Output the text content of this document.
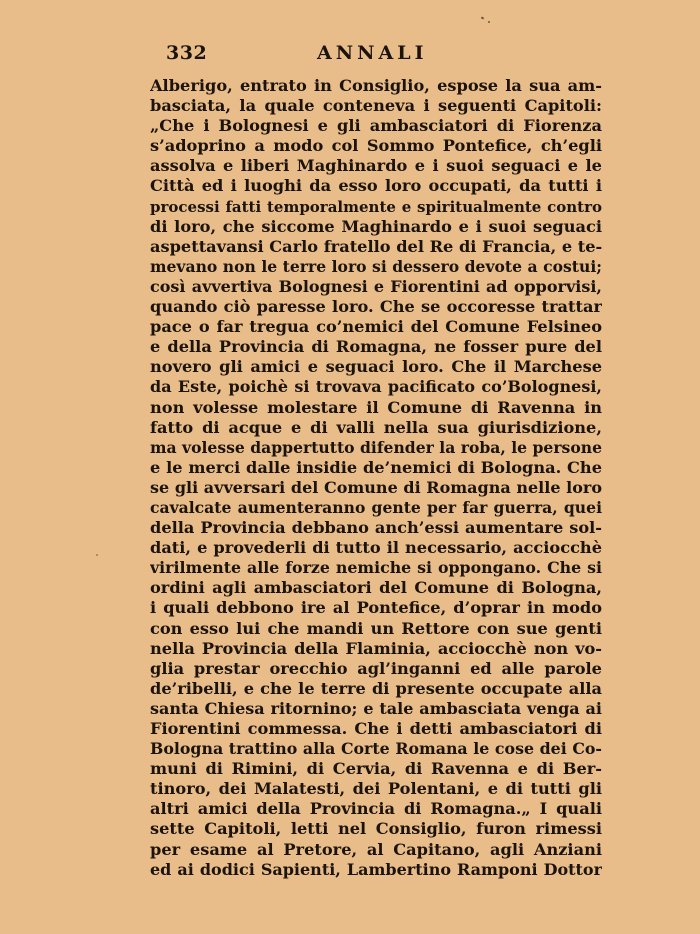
332	ANNALI
Alberigo, entrato in Consiglio, espose la sua am-
basciata, la quale conteneva i seguenti Capitoli:
„Che i Bolognesi e gli ambasciatori di Fiorenza
s’adoprino a modo col Sommo Pontefice, ch’egli
assolva e liberi Maghinardo e i suoi seguaci e le
Città ed i luoghi da esso loro occupati, da tutti i
processi fatti temporalmente e spiritualmente contro
di loro, che siccome Maghinardo e i suoi seguaci
aspettavansi Carlo fratello del Re di Francia, e te-
mevano non le terre loro si dessero devote a costui;
così avvertiva Bolognesi e Fiorentini ad opporvisi,
quando ciò paresse loro. Che se occoresse trattar
pace o far tregua co’nemici del Comune Felsineo
e della Provincia di Romagna, ne fosser pure del
novero gli amici e seguaci loro. Che il Marchese
da Este, poichè si trovava pacificato co’Bolognesi,
non volesse molestare il Comune di Ravenna in
fatto di acque e di valli nella sua giurisdizione,
ma volesse dappertutto difender la roba, le persone
e le merci dalle insidie de’nemici di Bologna. Che
se gli avversari del Comune di Romagna nelle loro
cavalcate aumenteranno gente per far guerra, quei
della Provincia debbano anch’essi aumentare sol-
dati, e provederli di tutto il necessario, acciocchè
virilmente alle forze nemiche si oppongano. Che si
ordini agli ambasciatori del Comune di Bologna,
i quali debbono ire al Pontefice, d’oprar in modo
con esso lui che mandi un Rettore con sue genti
nella Provincia della Flaminia, acciocchè non vo-
glia prestar orecchio agl’inganni ed alle parole
de’ribelli, e che le terre di presente occupate alla
santa Chiesa ritornino; e tale ambasciata venga ai
Fiorentini commessa. Che i detti ambasciatori di
Bologna trattino alla Corte Romana le cose dei Co-
muni di Rimini, di Cervia, di Ravenna e di Ber-
tinoro, dei Malatesti, dei Polentani, e di tutti gli
altri amici della Provincia di Romagna.„ I quali
sette Capitoli, letti nel Consiglio, furon rimessi
per esame al Pretore, al Capitano, agli Anziani
ed ai dodici Sapienti, Lambertino Ramponi Dottor
